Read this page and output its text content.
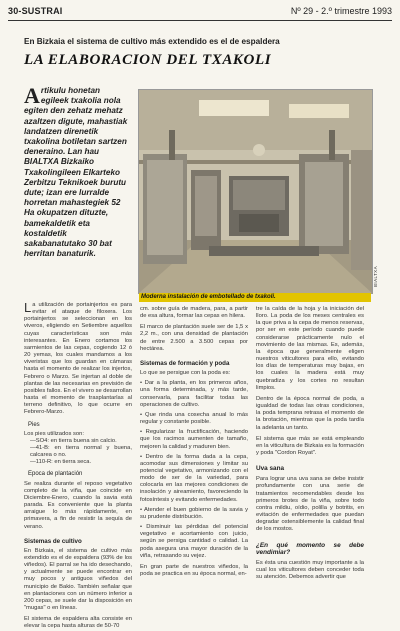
30-SUSTRAI	Nº 29 - 2.º trimestre 1993
En Bizkaia el sistema de cultivo más extendido es el de espaldera
LA ELABORACION DEL TXAKOLI
Artikulu honetan egileek txakolia nola egiten den zehatz mehatz azaltzen digute, mahastiak landatzen direnetik txakolina botiletan sartzen deneraino. Lan hau BIALTXA Bizkaiko Txakolingileen Elkarteko Zerbitzu Teknikoek burutu dute; izan ere lurralde horretan mahastegiek 52 Ha okupatzen dituzte, bamekaldetik eta kostaldetik sakabanatutako 30 bat herritan banaturik.
Moderna instalación de embotellado de txakoli.
BIALTXA

La utilización de portainjertos es para evitar el ataque de filoxera. Los portainjertos se seleccionan en los viveros, eligiendo en Setiembre aquellos cuyas características son más interesantes. En Enero cortamos los sarmientos de las cepas, cogiendo 12 ó 20 yemas, los cuales mandamos a los viveristas que los guardan en cámaras hasta el momento de realizar los injertos, Febrero o Marzo. Se injertan al doble de plantas de las necesarias en previsión de posibles fallos. En el vivero se desarrollan hasta el momento de trasplantarlas al terreno definitivo, lo que ocurre en Febrero-Marzo.

Pies

Los pies utilizados son:

—SO4: en tierra buena sin calcio.

—41-B: en tierra normal y buena, calcarea o no.

—110-R: en tierra seca.

Epoca de plantación

Se realiza durante el reposo vegetativo completo de la viña, que coincide en Diciembre-Enero, cuando la savia está parada. Es conveniente que la planta arraigue lo más rápidamente, en primavera, a fin de resistir la sequía de verano.

Sistemas de cultivo

En Bizkaia, el sistema de cultivo más extendido es el de espaldera (93% de los viñedos). El parral se ha ido desechando, y actualmente se puede encontrar en muy pocos y antiguos viñedos del municipio de Bakio. También señalar que en plantaciones con un número inferior a 200 cepas, se suele dar la disposición en "mugas" o en líneas.

El sistema de espaldera alta consiste en elevar la cepa hasta alturas de 50-70

cm. sobre guía de madera, para, a partir de esa altura, formar las cepas en hilera.

El marco de plantación suele ser de 1,5 x 2,2 m., con una densidad de plantación de entre 2.500 a 3.500 cepas por hectárea.

Sistemas de formación y poda

Lo que se persigue con la poda es:

• Dar a la planta, en los primeros años, una forma determinada, y más tarde, conservarla, para facilitar todas las operaciones de cultivo.

• Que rinda una cosecha anual lo más regular y constante posible.

• Regularizar la fructificación, haciendo que los racimos aumenten de tamaño, mejoren la calidad y maduren bien.

• Dentro de la forma dada a la cepa, acomodar sus dimensiones y limitar su potencial vegetativo, armonizando con el modo de ser de la variedad, para colocarla en las mejores condiciones de insolación y aireamiento, favoreciendo la fotosíntesis y evitando enfermedades.

• Atender el buen gobierno de la savia y su prudente distribución.

• Disminuir las pérdidas del potencial vegetativo e acortamiento con juicio, según se persiga cantidad o calidad. La poda asegura una mayor duración de la viña, retrasando su vejez.

En gran parte de nuestros viñedos, la poda se practica en su época normal, en-

tre la caída de la hoja y la iniciación del lloro. La poda de los meses centrales es la que priva a la cepa de menos reservas, por ser en este período cuando puede considerarse prácticamente nulo el movimiento de las mismas. Es, además, la época que generalmente eligen nuestros viticultores para ello, evitando los días de temperaturas muy bajas, en los cuales la madera está muy quebradiza y los cortes no resultan limpios.

Dentro de la época normal de poda, a igualdad de todas las otras condiciones, la poda temprana retrasa el momento de la brotación, mientras que la poda tardía la adelanta un tanto.

El sistema que más se está empleando en la viticultura de Bizkaia es la formación y poda "Cordon Royat".

Uva sana

Para lograr una uva sana se debe insistir profundamente con una serie de tratamientos recomendables desde los primeros brotes de la viña, sobre todo contra mildiu, oídio, polilla y botritis, en evitación de enfermedades que puedan degradar ostensiblemente la calidad final de los mostos.

¿En qué momento se debe vendimiar?

Es ésta una cuestión muy importante a la cual los viticultores deben conceder toda su atención. Debemos advertir que
